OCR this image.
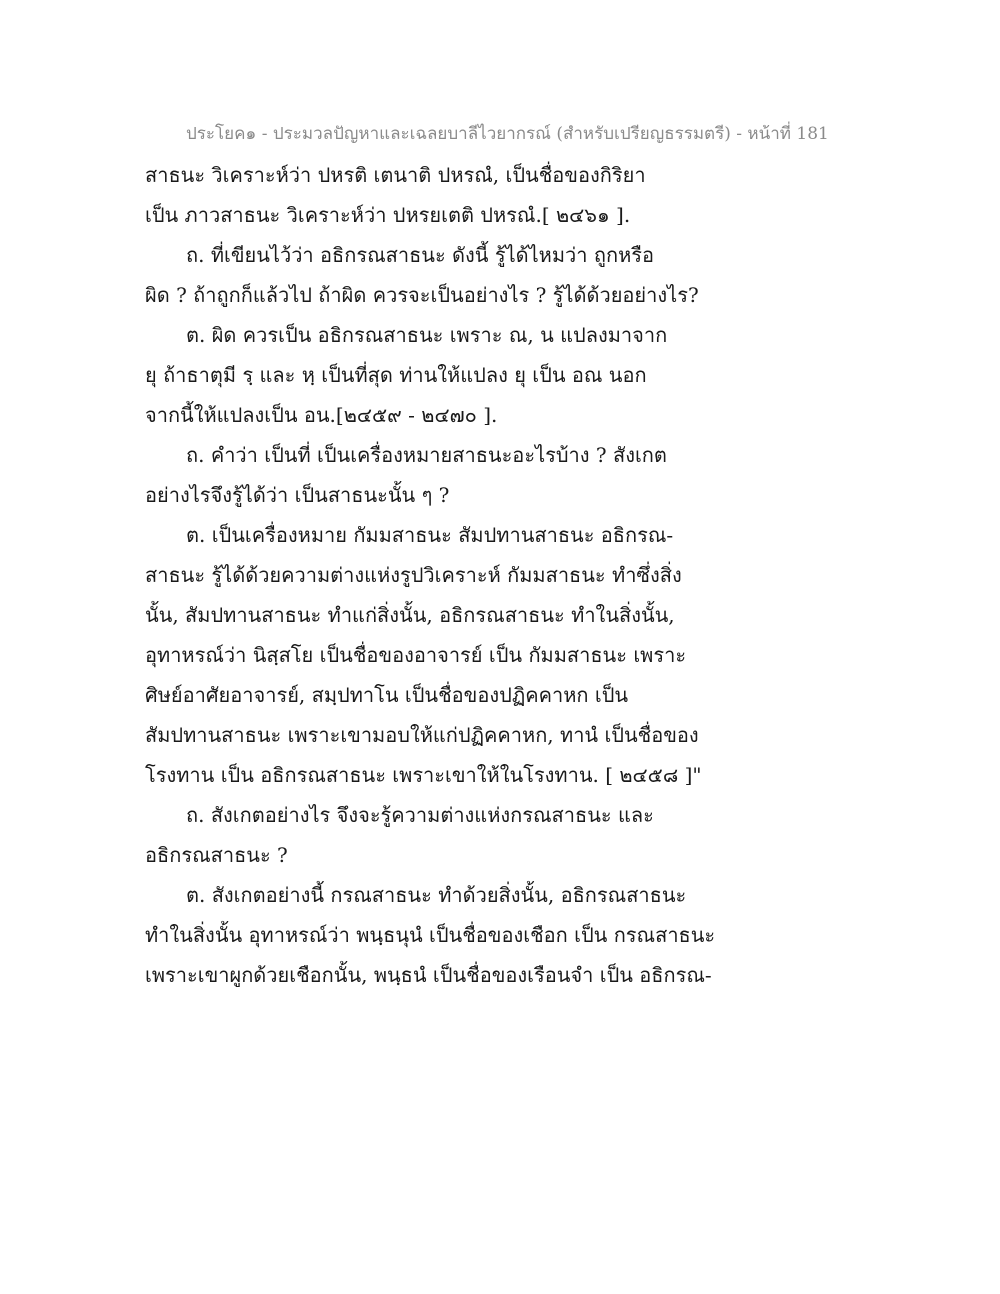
ประโยค๑ - ประมวลปัญหาและเฉลยบาลีไวยากรณ์ (สำหรับเปรียญธรรมตรี) - หน้าที่ 181
สาธนะ วิเคราะห์ว่า ปหรติ เตนาติ ปหรณํ, เป็นชื่อของกิริยา
เป็น ภาวสาธนะ วิเคราะห์ว่า ปหรยเตติ ปหรณํ.[ ๒๔๖๑ ].
ถ. ที่เขียนไว้ว่า อธิกรณสาธนะ ดังนี้ รู้ได้ไหมว่า ถูกหรือ
ผิด ? ถ้าถูกก็แล้วไป ถ้าผิด ควรจะเป็นอย่างไร ? รู้ได้ด้วยอย่างไร?
ต. ผิด ควรเป็น อธิกรณสาธนะ เพราะ ณ, น แปลงมาจาก
ยุ ถ้าธาตุมี รฺ และ หฺ เป็นที่สุด ท่านให้แปลง ยุ เป็น อณ นอก
จากนี้ให้แปลงเป็น อน.[๒๔๕๙ - ๒๔๗๐ ].
ถ. คำว่า เป็นที่ เป็นเครื่องหมายสาธนะอะไรบ้าง ? สังเกต
อย่างไรจึงรู้ได้ว่า เป็นสาธนะนั้น ๆ ?
ต. เป็นเครื่องหมาย กัมมสาธนะ สัมปทานสาธนะ อธิกรณ-
สาธนะ รู้ได้ด้วยความต่างแห่งรูปวิเคราะห์ กัมมสาธนะ ทำซึ่งสิ่ง
นั้น, สัมปทานสาธนะ ทำแก่สิ่งนั้น, อธิกรณสาธนะ ทำในสิ่งนั้น,
อุทาหรณ์ว่า นิสฺสโย เป็นชื่อของอาจารย์ เป็น กัมมสาธนะ เพราะ
ศิษย์อาศัยอาจารย์, สมฺปทาโน เป็นชื่อของปฏิคคาหก เป็น
สัมปทานสาธนะ เพราะเขามอบให้แก่ปฏิคคาหก, ทานํ เป็นชื่อของ
โรงทาน เป็น อธิกรณสาธนะ เพราะเขาให้ในโรงทาน. [ ๒๔๕๘ ]"
ถ. สังเกตอย่างไร จึงจะรู้ความต่างแห่งกรณสาธนะ และ
อธิกรณสาธนะ ?
ต. สังเกตอย่างนี้ กรณสาธนะ ทำด้วยสิ่งนั้น, อธิกรณสาธนะ
ทำในสิ่งนั้น อุทาหรณ์ว่า พนฺธนุนํ เป็นชื่อของเชือก เป็น กรณสาธนะ
เพราะเขาผูกด้วยเชือกนั้น, พนฺธนํ เป็นชื่อของเรือนจำ เป็น อธิกรณ-
